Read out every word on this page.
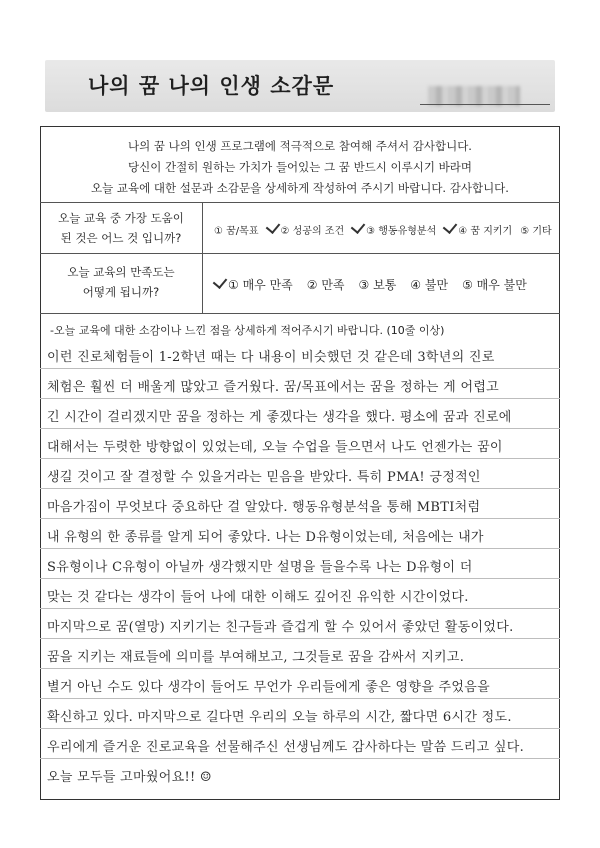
나의 꿈 나의 인생 소감문
나의 꿈 나의 인생 프로그램에 적극적으로 참여해 주셔서 감사합니다.
당신이 간절히 원하는 가치가 들어있는 그 꿈 반드시 이루시기 바라며
오늘 교육에 대한 설문과 소감문을 상세하게 작성하여 주시기 바랍니다. 감사합니다.
오늘 교육 중 가장 도움이
된 것은 어느 것 입니까?	① 꿈/목표	② 성공의 조건	③ 행동유형분석	④ 꿈 지키기 ⑤ 기타
오늘 교육의 만족도는
어떻게 됩니까?	① 매우 만족 ② 만족 ③ 보통 ④ 불만 ⑤ 매우 불만
-오늘 교육에 대한 소감이나 느낀 점을 상세하게 적어주시기 바랍니다. (10줄 이상)
이런 진로체험들이 1-2학년 때는 다 내용이 비슷했던 것 같은데 3학년의 진로
체험은 훨씬 더 배울게 많았고 즐거웠다. 꿈/목표에서는 꿈을 정하는 게 어렵고
긴 시간이 걸리겠지만 꿈을 정하는 게 좋겠다는 생각을 했다. 평소에 꿈과 진로에
대해서는 두렷한 방향없이 있었는데, 오늘 수업을 들으면서 나도 언젠가는 꿈이
생길 것이고 잘 결정할 수 있을거라는 믿음을 받았다. 특히 PMA! 긍정적인
마음가짐이 무엇보다 중요하단 걸 알았다. 행동유형분석을 통해 MBTI처럼
내 유형의 한 종류를 알게 되어 좋았다. 나는 D유형이었는데, 처음에는 내가
S유형이나 C유형이 아닐까 생각했지만 설명을 들을수록 나는 D유형이 더
맞는 것 같다는 생각이 들어 나에 대한 이해도 깊어진 유익한 시간이었다.
마지막으로 꿈(열망) 지키기는 친구들과 즐겁게 할 수 있어서 좋았던 활동이었다.
꿈을 지키는 재료들에 의미를 부여해보고, 그것들로 꿈을 감싸서 지키고.
별거 아닌 수도 있다 생각이 들어도 무언가 우리들에게 좋은 영향을 주었음을
확신하고 있다. 마지막으로 길다면 우리의 오늘 하루의 시간, 짧다면 6시간 정도.
우리에게 즐거운 진로교육을 선물해주신 선생님께도 감사하다는 말씀 드리고 싶다.
오늘 모두들 고마웠어요!! ☺
